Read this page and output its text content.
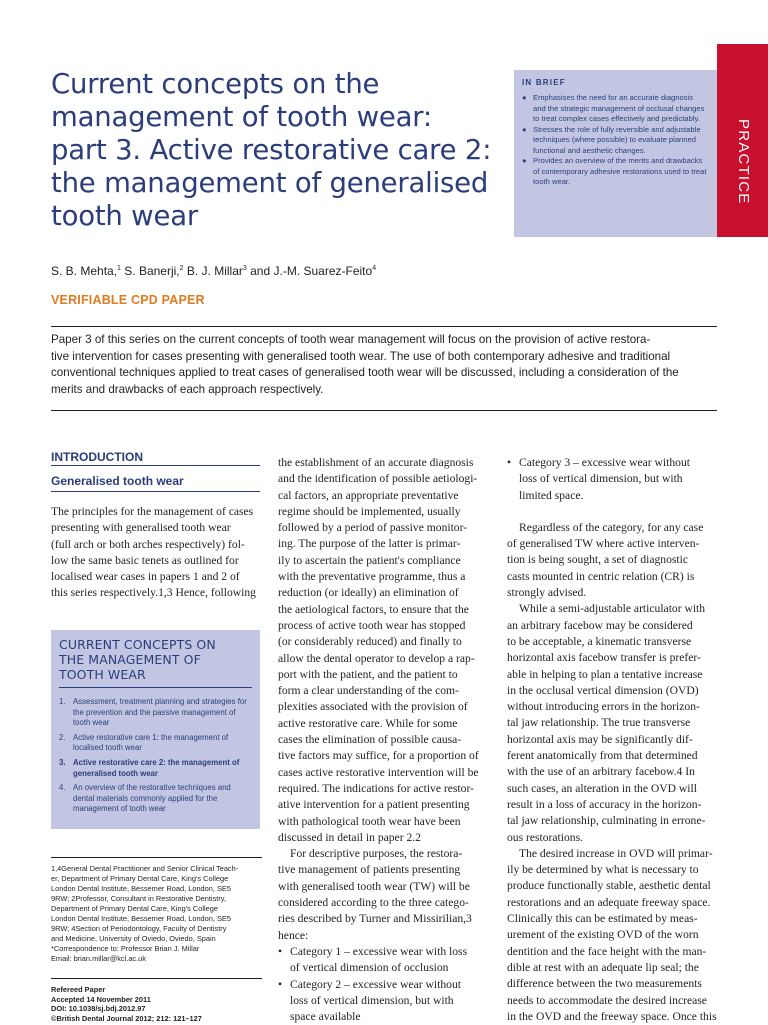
Current concepts on the
management of tooth wear:
part 3. Active restorative care 2:
the management of generalised
tooth wear
IN BRIEF
● Emphasises the need for an accurate diagnosis and the strategic management of occlusal changes to treat complex cases effectively and predictably.
● Stresses the role of fully reversible and adjustable techniques (where possible) to evaluate planned functional and aesthetic changes.
● Provides an overview of the merits and drawbacks of contemporary adhesive restorations used to treat tooth wear.	PRACTICE
S. B. Mehta,$^1$ S. Banerji,$^2$ B. J. Millar$^3$ and J.-M. Suarez-Feito$^4$
VERIFIABLE CPD PAPER
Paper 3 of this series on the current concepts of tooth wear management will focus on the provision of active restora-
tive intervention for cases presenting with generalised tooth wear. The use of both contemporary adhesive and traditional
conventional techniques applied to treat cases of generalised tooth wear will be discussed, including a consideration of the
merits and drawbacks of each approach respectively.
INTRODUCTION
Generalised tooth wear
The principles for the management of cases
presenting with generalised tooth wear
(full arch or both arches respectively) fol-
low the same basic tenets as outlined for
localised wear cases in papers 1 and 2 of
this series respectively.1,3 Hence, following
CURRENT CONCEPTS ON
THE MANAGEMENT OF
TOOTH WEAR
1. Assessment, treatment planning and strategies for the prevention and the passive management of tooth wear
2. Active restorative care 1: the management of localised tooth wear
3. Active restorative care 2: the management of generalised tooth wear
4. An overview of the restorative techniques and dental materials commonly applied for the management of tooth wear
1,4General Dental Practitioner and Senior Clinical Teach-
er, Department of Primary Dental Care, King's College
London Dental Institute, Bessemer Road, London, SE5
9RW; 2Professor, Consultant in Restorative Dentistry,
Department of Primary Dental Care, King's College
London Dental Institute, Bessemer Road, London, SE5
9RW; 4Section of Periodontology, Faculty of Dentistry
and Medicine, University of Oviedo, Oviedo, Spain
*Correspondence to: Professor Brian J. Millar
Email: brian.millar@kcl.ac.uk
Refereed Paper
Accepted 14 November 2011
DOI: 10.1038/sj.bdj.2012.97
©British Dental Journal 2012; 212: 121–127
the establishment of an accurate diagnosis
and the identification of possible aetiologi-
cal factors, an appropriate preventative
regime should be implemented, usually
followed by a period of passive monitor-
ing. The purpose of the latter is primar-
ily to ascertain the patient's compliance
with the preventative programme, thus a
reduction (or ideally) an elimination of
the aetiological factors, to ensure that the
process of active tooth wear has stopped
(or considerably reduced) and finally to
allow the dental operator to develop a rap-
port with the patient, and the patient to
form a clear understanding of the com-
plexities associated with the provision of
active restorative care. While for some
cases the elimination of possible causa-
tive factors may suffice, for a proportion of
cases active restorative intervention will be
required. The indications for active restor-
ative intervention for a patient presenting
with pathological tooth wear have been
discussed in detail in paper 2.2
For descriptive purposes, the restora-
tive management of patients presenting
with generalised tooth wear (TW) will be
considered according to the three catego-
ries described by Turner and Missirilian,3
hence:
• Category 1 – excessive wear with loss
of vertical dimension of occlusion
• Category 2 – excessive wear without
loss of vertical dimension, but with
space available
• Category 3 – excessive wear without
loss of vertical dimension, but with
limited space.
Regardless of the category, for any case
of generalised TW where active interven-
tion is being sought, a set of diagnostic
casts mounted in centric relation (CR) is
strongly advised.
While a semi-adjustable articulator with
an arbitrary facebow may be considered
to be acceptable, a kinematic transverse
horizontal axis facebow transfer is prefer-
able in helping to plan a tentative increase
in the occlusal vertical dimension (OVD)
without introducing errors in the horizon-
tal jaw relationship. The true transverse
horizontal axis may be significantly dif-
ferent anatomically from that determined
with the use of an arbitrary facebow.4 In
such cases, an alteration in the OVD will
result in a loss of accuracy in the horizon-
tal jaw relationship, culminating in errone-
ous restorations.
The desired increase in OVD will primar-
ily be determined by what is necessary to
produce functionally stable, aesthetic dental
restorations and an adequate freeway space.
Clinically this can be estimated by meas-
urement of the existing OVD of the worn
dentition and the face height with the man-
dible at rest with an adequate lip seal; the
difference between the two measurements
needs to accommodate the desired increase
in the OVD and the freeway space. Once this
